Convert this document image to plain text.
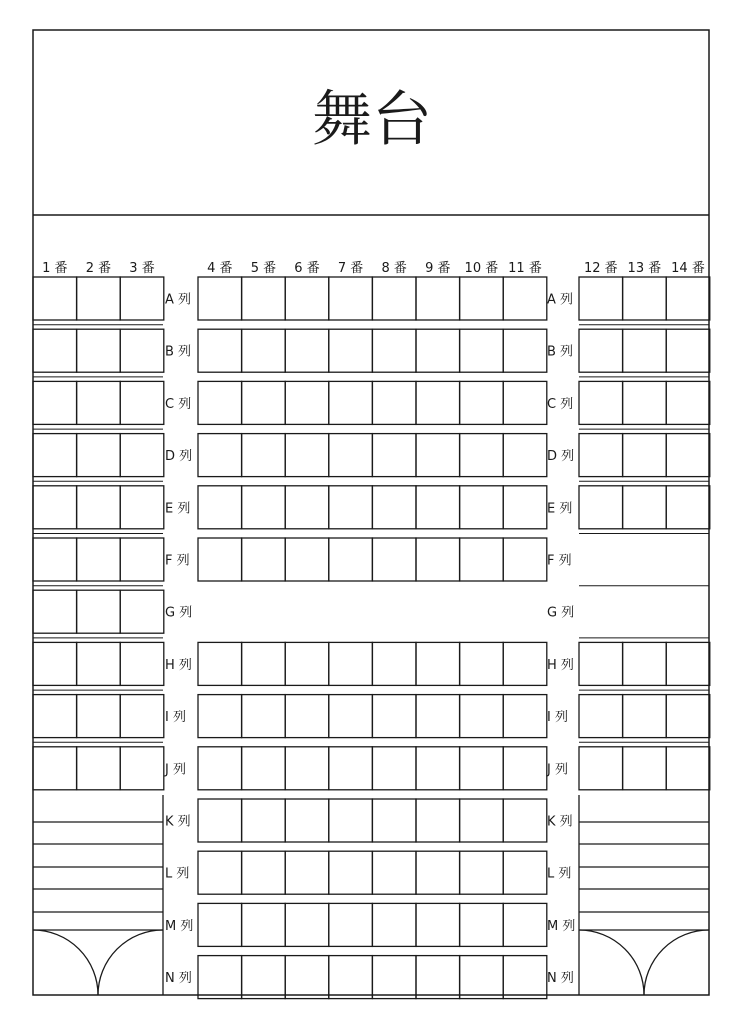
舞台
1 番 2 番 3 番	4 番 5 番 6 番 7 番 8 番 9 番 10 番 11 番	12 番 13 番 14 番
A 列	A 列
B 列	B 列
C 列	C 列
D 列	D 列
E 列	E 列
F 列	F 列
G 列	G 列
H 列	H 列
I 列	I 列
J 列	J 列
K 列	K 列
L 列	L 列
M 列	M 列
N 列	N 列
